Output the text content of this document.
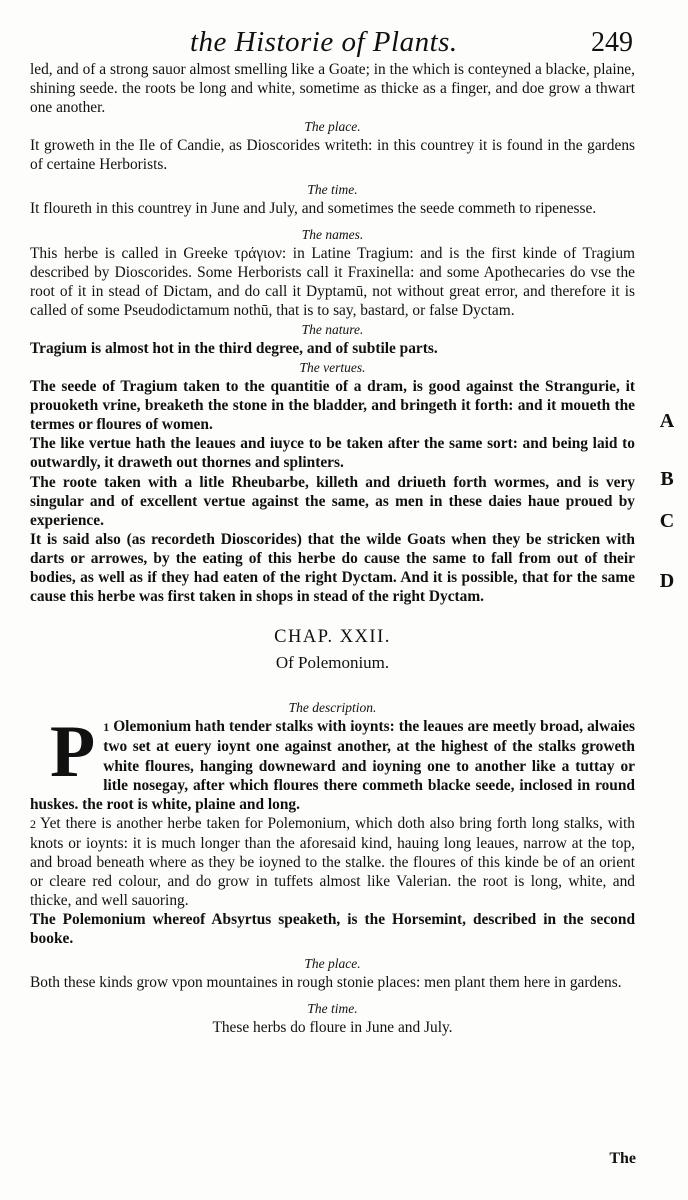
the Historie of Plants.	249

led, and of a strong sauor almost smelling like a Goate; in the which is conteyned a blacke, plaine, shining seede. the roots be long and white, sometime as thicke as a finger, and doe grow a thwart one another.

The place.

It groweth in the Ile of Candie, as Dioscorides writeth: in this countrey it is found in the gardens of certaine Herborists.

The time.

It floureth in this countrey in June and July, and sometimes the seede commeth to ripenesse.

The names.

This herbe is called in Greeke τράγιον: in Latine Tragium: and is the first kinde of Tragium described by Dioscorides. Some Herborists call it Fraxinella: and some Apothecaries do vse the root of it in stead of Dictam, and do call it Dyptamū, not without great error, and therefore it is called of some Pseudodictamum nothū, that is to say, bastard, or false Dyctam.

The nature.

Tragium is almost hot in the third degree, and of subtile parts.

The vertues.

The seede of Tragium taken to the quantitie of a dram, is good against the Strangurie, it prouoketh vrine, breaketh the stone in the bladder, and bringeth it forth: and it moueth the termes or floures of women.

The like vertue hath the leaues and iuyce to be taken after the same sort: and being laid to outwardly, it draweth out thornes and splinters.

The roote taken with a litle Rheubarbe, killeth and driueth forth wormes, and is very singular and of excellent vertue against the same, as men in these daies haue proued by experience.

It is said also (as recordeth Dioscorides) that the wilde Goats when they be stricken with darts or arrowes, by the eating of this herbe do cause the same to fall from out of their bodies, as well as if they had eaten of the right Dyctam. And it is possible, that for the same cause this herbe was first taken in shops in stead of the right Dyctam.

CHAP. XXII.
Of Polemonium.

The description.

1
P Olemonium hath tender stalks with ioynts: the leaues are meetly broad, alwaies two set at euery ioynt one against another, at the highest of the stalks groweth white floures, hanging downeward and ioyning one to another like a tuttay or litle nosegay, after which floures there commeth blacke seede, inclosed in round huskes. the root is white, plaine and long.

2 Yet there is another herbe taken for Polemonium, which doth also bring forth long stalks, with knots or ioynts: it is much longer than the aforesaid kind, hauing long leaues, narrow at the top, and broad beneath where as they be ioyned to the stalke. the floures of this kinde be of an orient or cleare red colour, and do grow in tuffets almost like Valerian. the root is long, white, and thicke, and well sauoring.

The Polemonium whereof Absyrtus speaketh, is the Horsemint, described in the second booke.

The place.

Both these kinds grow vpon mountaines in rough stonie places: men plant them here in gardens.

The time.

These herbs do floure in June and July.

A
B
C
D
The
